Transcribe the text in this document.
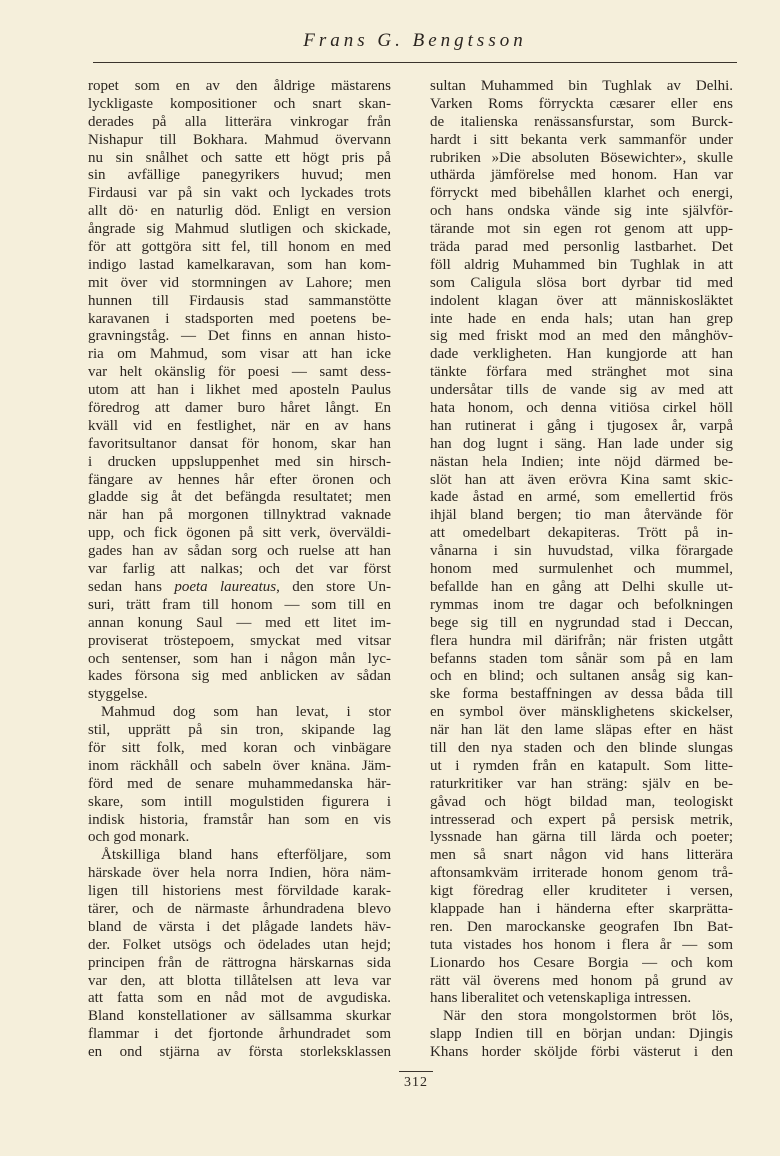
Frans G. Bengtsson
ropet som en av den åldrige mästarens
lyckligaste kompositioner och snart skan-
derades på alla litterära vinkrogar från
Nishapur till Bokhara. Mahmud övervann
nu sin snålhet och satte ett högt pris på
sin avfällige panegyrikers huvud; men
Firdausi var på sin vakt och lyckades trots
allt dö· en naturlig död. Enligt en version
ångrade sig Mahmud slutligen och skickade,
för att gottgöra sitt fel, till honom en med
indigo lastad kamelkaravan, som han kom-
mit över vid stormningen av Lahore; men
hunnen till Firdausis stad sammanstötte
karavanen i stadsporten med poetens be-
gravningståg. — Det finns en annan histo-
ria om Mahmud, som visar att han icke
var helt okänslig för poesi — samt dess-
utom att han i likhet med aposteln Paulus
föredrog att damer buro håret långt. En
kväll vid en festlighet, när en av hans
favoritsultanor dansat för honom, skar han
i drucken uppsluppenhet med sin hirsch-
fängare av hennes hår efter öronen och
gladde sig åt det befängda resultatet; men
när han på morgonen tillnyktrad vaknade
upp, och fick ögonen på sitt verk, överväldi-
gades han av sådan sorg och ruelse att han
var farlig att nalkas; och det var först
sedan hans poeta laureatus, den store Un-
suri, trätt fram till honom — som till en
annan konung Saul — med ett litet im-
proviserat tröstepoem, smyckat med vitsar
och sentenser, som han i någon mån lyc-
kades försona sig med anblicken av sådan
styggelse.
Mahmud dog som han levat, i stor
stil, upprätt på sin tron, skipande lag
för sitt folk, med koran och vinbägare
inom räckhåll och sabeln över knäna. Jäm-
förd med de senare muhammedanska här-
skare, som intill mogulstiden figurera i
indisk historia, framstår han som en vis
och god monark.
Åtskilliga bland hans efterföljare, som
härskade över hela norra Indien, höra näm-
ligen till historiens mest förvildade karak-
tärer, och de närmaste århundradena blevo
bland de värsta i det plågade landets häv-
der. Folket utsögs och ödelades utan hejd;
principen från de rättrogna härskarnas sida
var den, att blotta tillåtelsen att leva var
att fatta som en nåd mot de avgudiska.
Bland konstellationer av sällsamma skurkar
flammar i det fjortonde århundradet som
en ond stjärna av första storleksklassen
sultan Muhammed bin Tughlak av Delhi.
Varken Roms förryckta cæsarer eller ens
de italienska renässansfurstar, som Burck-
hardt i sitt bekanta verk sammanför under
rubriken »Die absoluten Bösewichter», skulle
uthärda jämförelse med honom. Han var
förryckt med bibehållen klarhet och energi,
och hans ondska vände sig inte självför-
tärande mot sin egen rot genom att upp-
träda parad med personlig lastbarhet. Det
föll aldrig Muhammed bin Tughlak in att
som Caligula slösa bort dyrbar tid med
indolent klagan över att människosläktet
inte hade en enda hals; utan han grep
sig med friskt mod an med den månghöv-
dade verkligheten. Han kungjorde att han
tänkte förfara med stränghet mot sina
undersåtar tills de vande sig av med att
hata honom, och denna vitiösa cirkel höll
han rutinerat i gång i tjugosex år, varpå
han dog lugnt i säng. Han lade under sig
nästan hela Indien; inte nöjd därmed be-
slöt han att även erövra Kina samt skic-
kade åstad en armé, som emellertid frös
ihjäl bland bergen; tio man återvände för
att omedelbart dekapiteras. Trött på in-
vånarna i sin huvudstad, vilka förargade
honom med surmulenhet och mummel,
befallde han en gång att Delhi skulle ut-
rymmas inom tre dagar och befolkningen
bege sig till en nygrundad stad i Deccan,
flera hundra mil därifrån; när fristen utgått
befanns staden tom sånär som på en lam
och en blind; och sultanen ansåg sig kan-
ske forma bestaffningen av dessa båda till
en symbol över mänsklighetens skickelser,
när han lät den lame släpas efter en häst
till den nya staden och den blinde slungas
ut i rymden från en katapult. Som litte-
raturkritiker var han sträng: själv en be-
gåvad och högt bildad man, teologiskt
intresserad och expert på persisk metrik,
lyssnade han gärna till lärda och poeter;
men så snart någon vid hans litterära
aftonsamkväm irriterade honom genom trå-
kigt föredrag eller kruditeter i versen,
klappade han i händerna efter skarprätta-
ren. Den marockanske geografen Ibn Bat-
tuta vistades hos honom i flera år — som
Lionardo hos Cesare Borgia — och kom
rätt väl överens med honom på grund av
hans liberalitet och vetenskapliga intressen.
När den stora mongolstormen bröt lös,
slapp Indien till en början undan: Djingis
Khans horder sköljde förbi västerut i den
312
